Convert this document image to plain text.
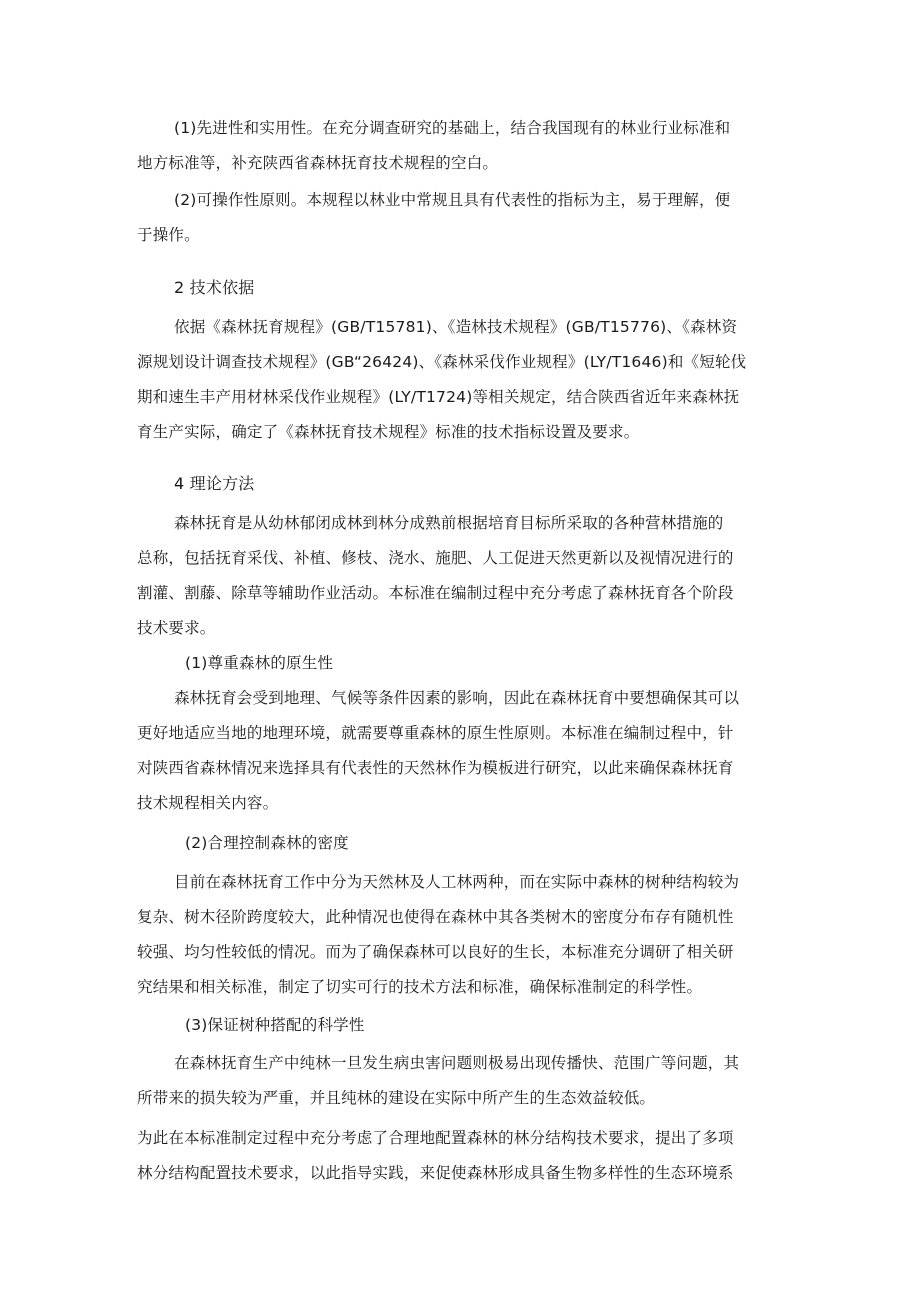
(1)先进性和实用性。在充分调查研究的基础上，结合我国现有的林业行业标准和
地方标准等，补充陕西省森林抚育技术规程的空白。
(2)可操作性原则。本规程以林业中常规且具有代表性的指标为主，易于理解，便
于操作。
2 技术依据
依据《森林抚育规程》(GB/T15781)、《造林技术规程》(GB/T15776)、《森林资
源规划设计调查技术规程》(GB“26424)、《森林采伐作业规程》(LY/T1646)和《短轮伐
期和速生丰产用材林采伐作业规程》(LY/T1724)等相关规定，结合陕西省近年来森林抚
育生产实际，确定了《森林抚育技术规程》标准的技术指标设置及要求。
4 理论方法
森林抚育是从幼林郁闭成林到林分成熟前根据培育目标所采取的各种营林措施的
总称，包括抚育采伐、补植、修枝、浇水、施肥、人工促进天然更新以及视情况进行的
割灌、割藤、除草等辅助作业活动。本标准在编制过程中充分考虑了森林抚育各个阶段
技术要求。
(1)尊重森林的原生性
森林抚育会受到地理、气候等条件因素的影响，因此在森林抚育中要想确保其可以
更好地适应当地的地理环境，就需要尊重森林的原生性原则。本标准在编制过程中，针
对陕西省森林情况来选择具有代表性的天然林作为模板进行研究，以此来确保森林抚育
技术规程相关内容。
(2)合理控制森林的密度
目前在森林抚育工作中分为天然林及人工林两种，而在实际中森林的树种结构较为
复杂、树木径阶跨度较大，此种情况也使得在森林中其各类树木的密度分布存有随机性
较强、均匀性较低的情况。而为了确保森林可以良好的生长，本标准充分调研了相关研
究结果和相关标准，制定了切实可行的技术方法和标准，确保标准制定的科学性。
(3)保证树种搭配的科学性
在森林抚育生产中纯林一旦发生病虫害问题则极易出现传播快、范围广等问题，其
所带来的损失较为严重，并且纯林的建设在实际中所产生的生态效益较低。
为此在本标准制定过程中充分考虑了合理地配置森林的林分结构技术要求，提出了多项
林分结构配置技术要求，以此指导实践，来促使森林形成具备生物多样性的生态环境系
